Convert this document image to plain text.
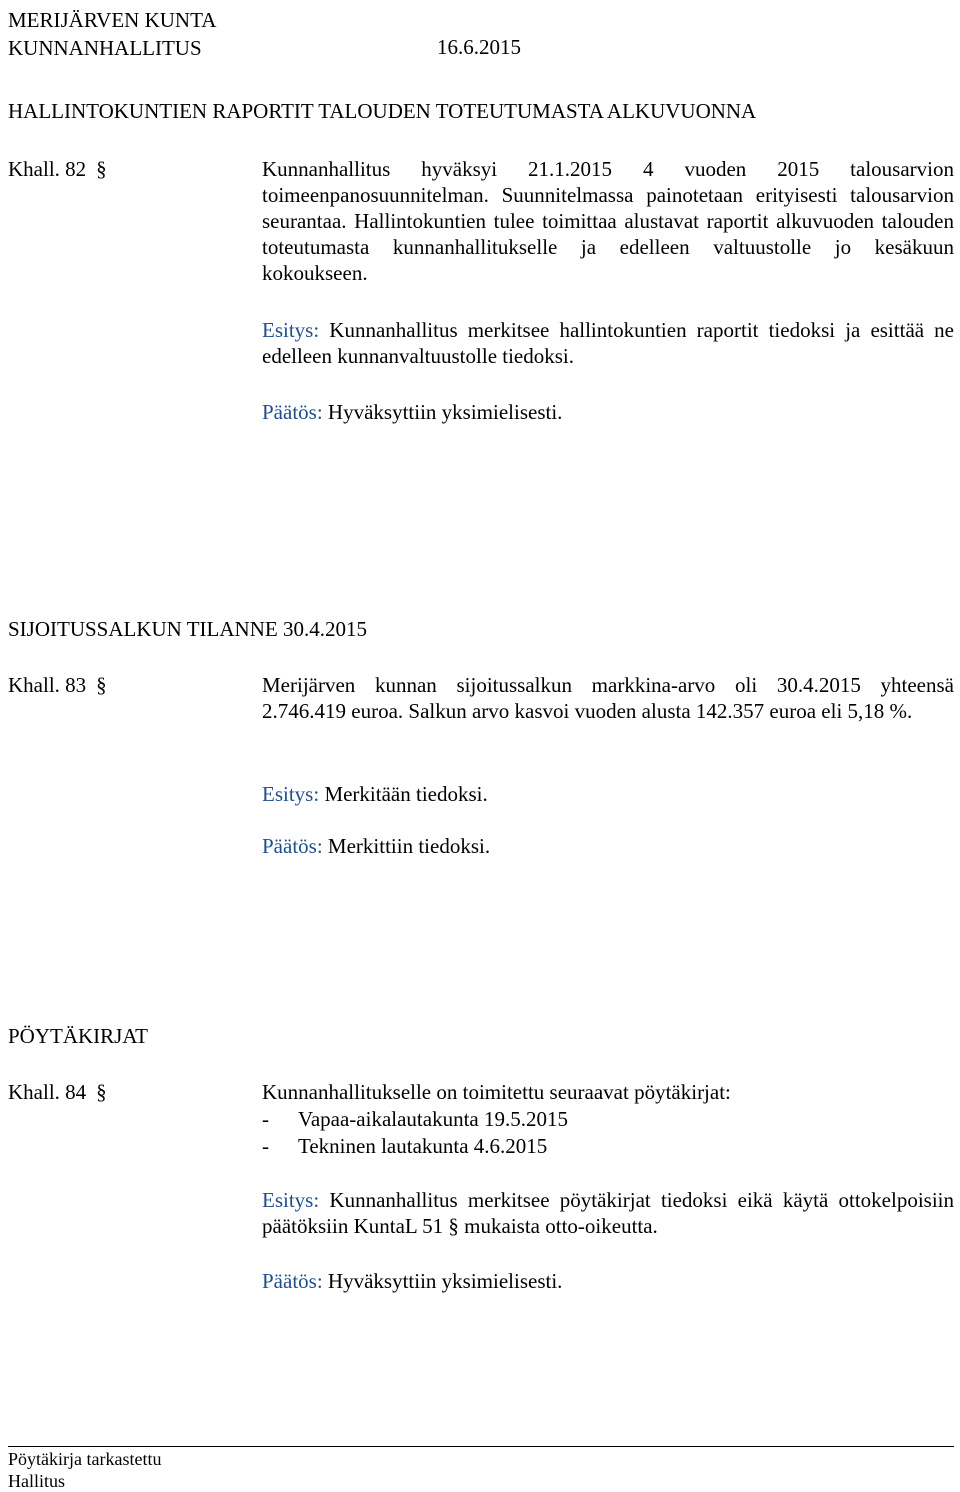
MERIJÄRVEN KUNTA
KUNNANHALLITUS	16.6.2015
HALLINTOKUNTIEN RAPORTIT TALOUDEN TOTEUTUMASTA ALKUVUONNA
Khall. 82 §	Kunnanhallitus hyväksyi 21.1.2015 4 vuoden 2015 talousarvion toimeenpanosuunnitelman. Suunnitelmassa painotetaan erityisesti talousarvion seurantaa. Hallintokuntien tulee toimittaa alustavat raportit alkuvuoden talouden toteutumasta kunnanhallitukselle ja edelleen valtuustolle jo kesäkuun kokoukseen.
Esitys: Kunnanhallitus merkitsee hallintokuntien raportit tiedoksi ja esittää ne edelleen kunnanvaltuustolle tiedoksi.
Päätös: Hyväksyttiin yksimielisesti.
SIJOITUSSALKUN TILANNE 30.4.2015
Khall. 83 §	Merijärven kunnan sijoitussalkun markkina-arvo oli 30.4.2015 yhteensä 2.746.419 euroa. Salkun arvo kasvoi vuoden alusta 142.357 euroa eli 5,18 %.
Esitys: Merkitään tiedoksi.
Päätös: Merkittiin tiedoksi.
PÖYTÄKIRJAT
Khall. 84 §	Kunnanhallitukselle on toimitettu seuraavat pöytäkirjat:
-	Vapaa-aikalautakunta 19.5.2015
-	Tekninen lautakunta 4.6.2015
Esitys: Kunnanhallitus merkitsee pöytäkirjat tiedoksi eikä käytä ottokelpoisiin päätöksiin KuntaL 51 § mukaista otto-oikeutta.
Päätös: Hyväksyttiin yksimielisesti.
Pöytäkirja tarkastettu
Hallitus
